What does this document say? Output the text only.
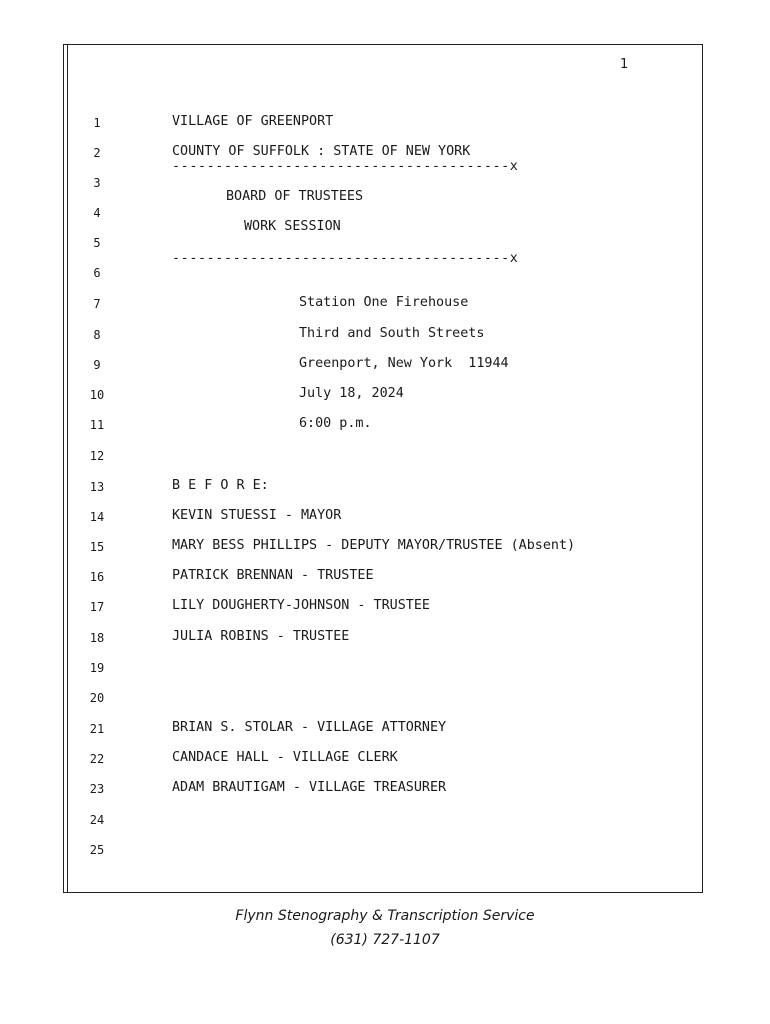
1
1
2
3
4
5
6
7
8
9
10
11
12
13
14
15
16
17
18
19
20
21
22
23
24
25
VILLAGE OF GREENPORT
COUNTY OF SUFFOLK : STATE OF NEW YORK
---------------------------------------x
BOARD OF TRUSTEES
WORK SESSION
---------------------------------------x
Station One Firehouse
Third and South Streets
Greenport, New York  11944
July 18, 2024
6:00 p.m.
B E F O R E:
KEVIN STUESSI - MAYOR
MARY BESS PHILLIPS - DEPUTY MAYOR/TRUSTEE (Absent)
PATRICK BRENNAN - TRUSTEE
LILY DOUGHERTY-JOHNSON - TRUSTEE
JULIA ROBINS - TRUSTEE
BRIAN S. STOLAR - VILLAGE ATTORNEY
CANDACE HALL - VILLAGE CLERK
ADAM BRAUTIGAM - VILLAGE TREASURER
Flynn Stenography & Transcription Service
(631) 727-1107
